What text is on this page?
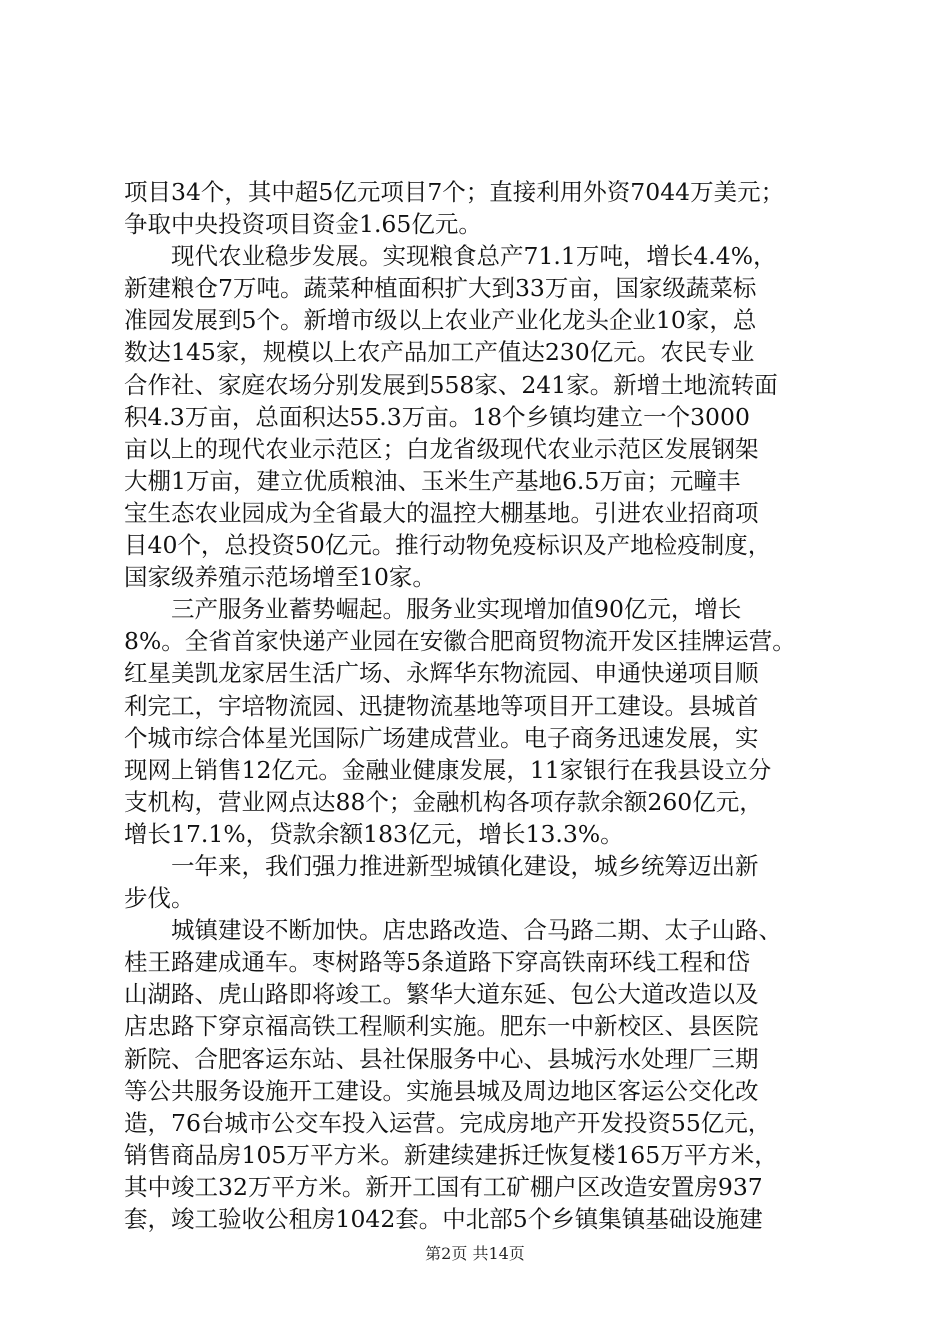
项目34个，其中超5亿元项目7个；直接利用外资7044万美元；
争取中央投资项目资金1.65亿元。
　　现代农业稳步发展。实现粮食总产71.1万吨，增长4.4%，
新建粮仓7万吨。蔬菜种植面积扩大到33万亩，国家级蔬菜标
准园发展到5个。新增市级以上农业产业化龙头企业10家，总
数达145家，规模以上农产品加工产值达230亿元。农民专业
合作社、家庭农场分别发展到558家、241家。新增土地流转面
积4.3万亩，总面积达55.3万亩。18个乡镇均建立一个3000
亩以上的现代农业示范区；白龙省级现代农业示范区发展钢架
大棚1万亩，建立优质粮油、玉米生产基地6.5万亩；元疃丰
宝生态农业园成为全省最大的温控大棚基地。引进农业招商项
目40个，总投资50亿元。推行动物免疫标识及产地检疫制度，
国家级养殖示范场增至10家。
　　三产服务业蓄势崛起。服务业实现增加值90亿元，增长
8%。全省首家快递产业园在安徽合肥商贸物流开发区挂牌运营。
红星美凯龙家居生活广场、永辉华东物流园、申通快递项目顺
利完工，宇培物流园、迅捷物流基地等项目开工建设。县城首
个城市综合体星光国际广场建成营业。电子商务迅速发展，实
现网上销售12亿元。金融业健康发展，11家银行在我县设立分
支机构，营业网点达88个；金融机构各项存款余额260亿元，
增长17.1%，贷款余额183亿元，增长13.3%。
　　一年来，我们强力推进新型城镇化建设，城乡统筹迈出新
步伐。
　　城镇建设不断加快。店忠路改造、合马路二期、太子山路、
桂王路建成通车。枣树路等5条道路下穿高铁南环线工程和岱
山湖路、虎山路即将竣工。繁华大道东延、包公大道改造以及
店忠路下穿京福高铁工程顺利实施。肥东一中新校区、县医院
新院、合肥客运东站、县社保服务中心、县城污水处理厂三期
等公共服务设施开工建设。实施县城及周边地区客运公交化改
造，76台城市公交车投入运营。完成房地产开发投资55亿元，
销售商品房105万平方米。新建续建拆迁恢复楼165万平方米，
其中竣工32万平方米。新开工国有工矿棚户区改造安置房937
套，竣工验收公租房1042套。中北部5个乡镇集镇基础设施建
第2页 共14页
